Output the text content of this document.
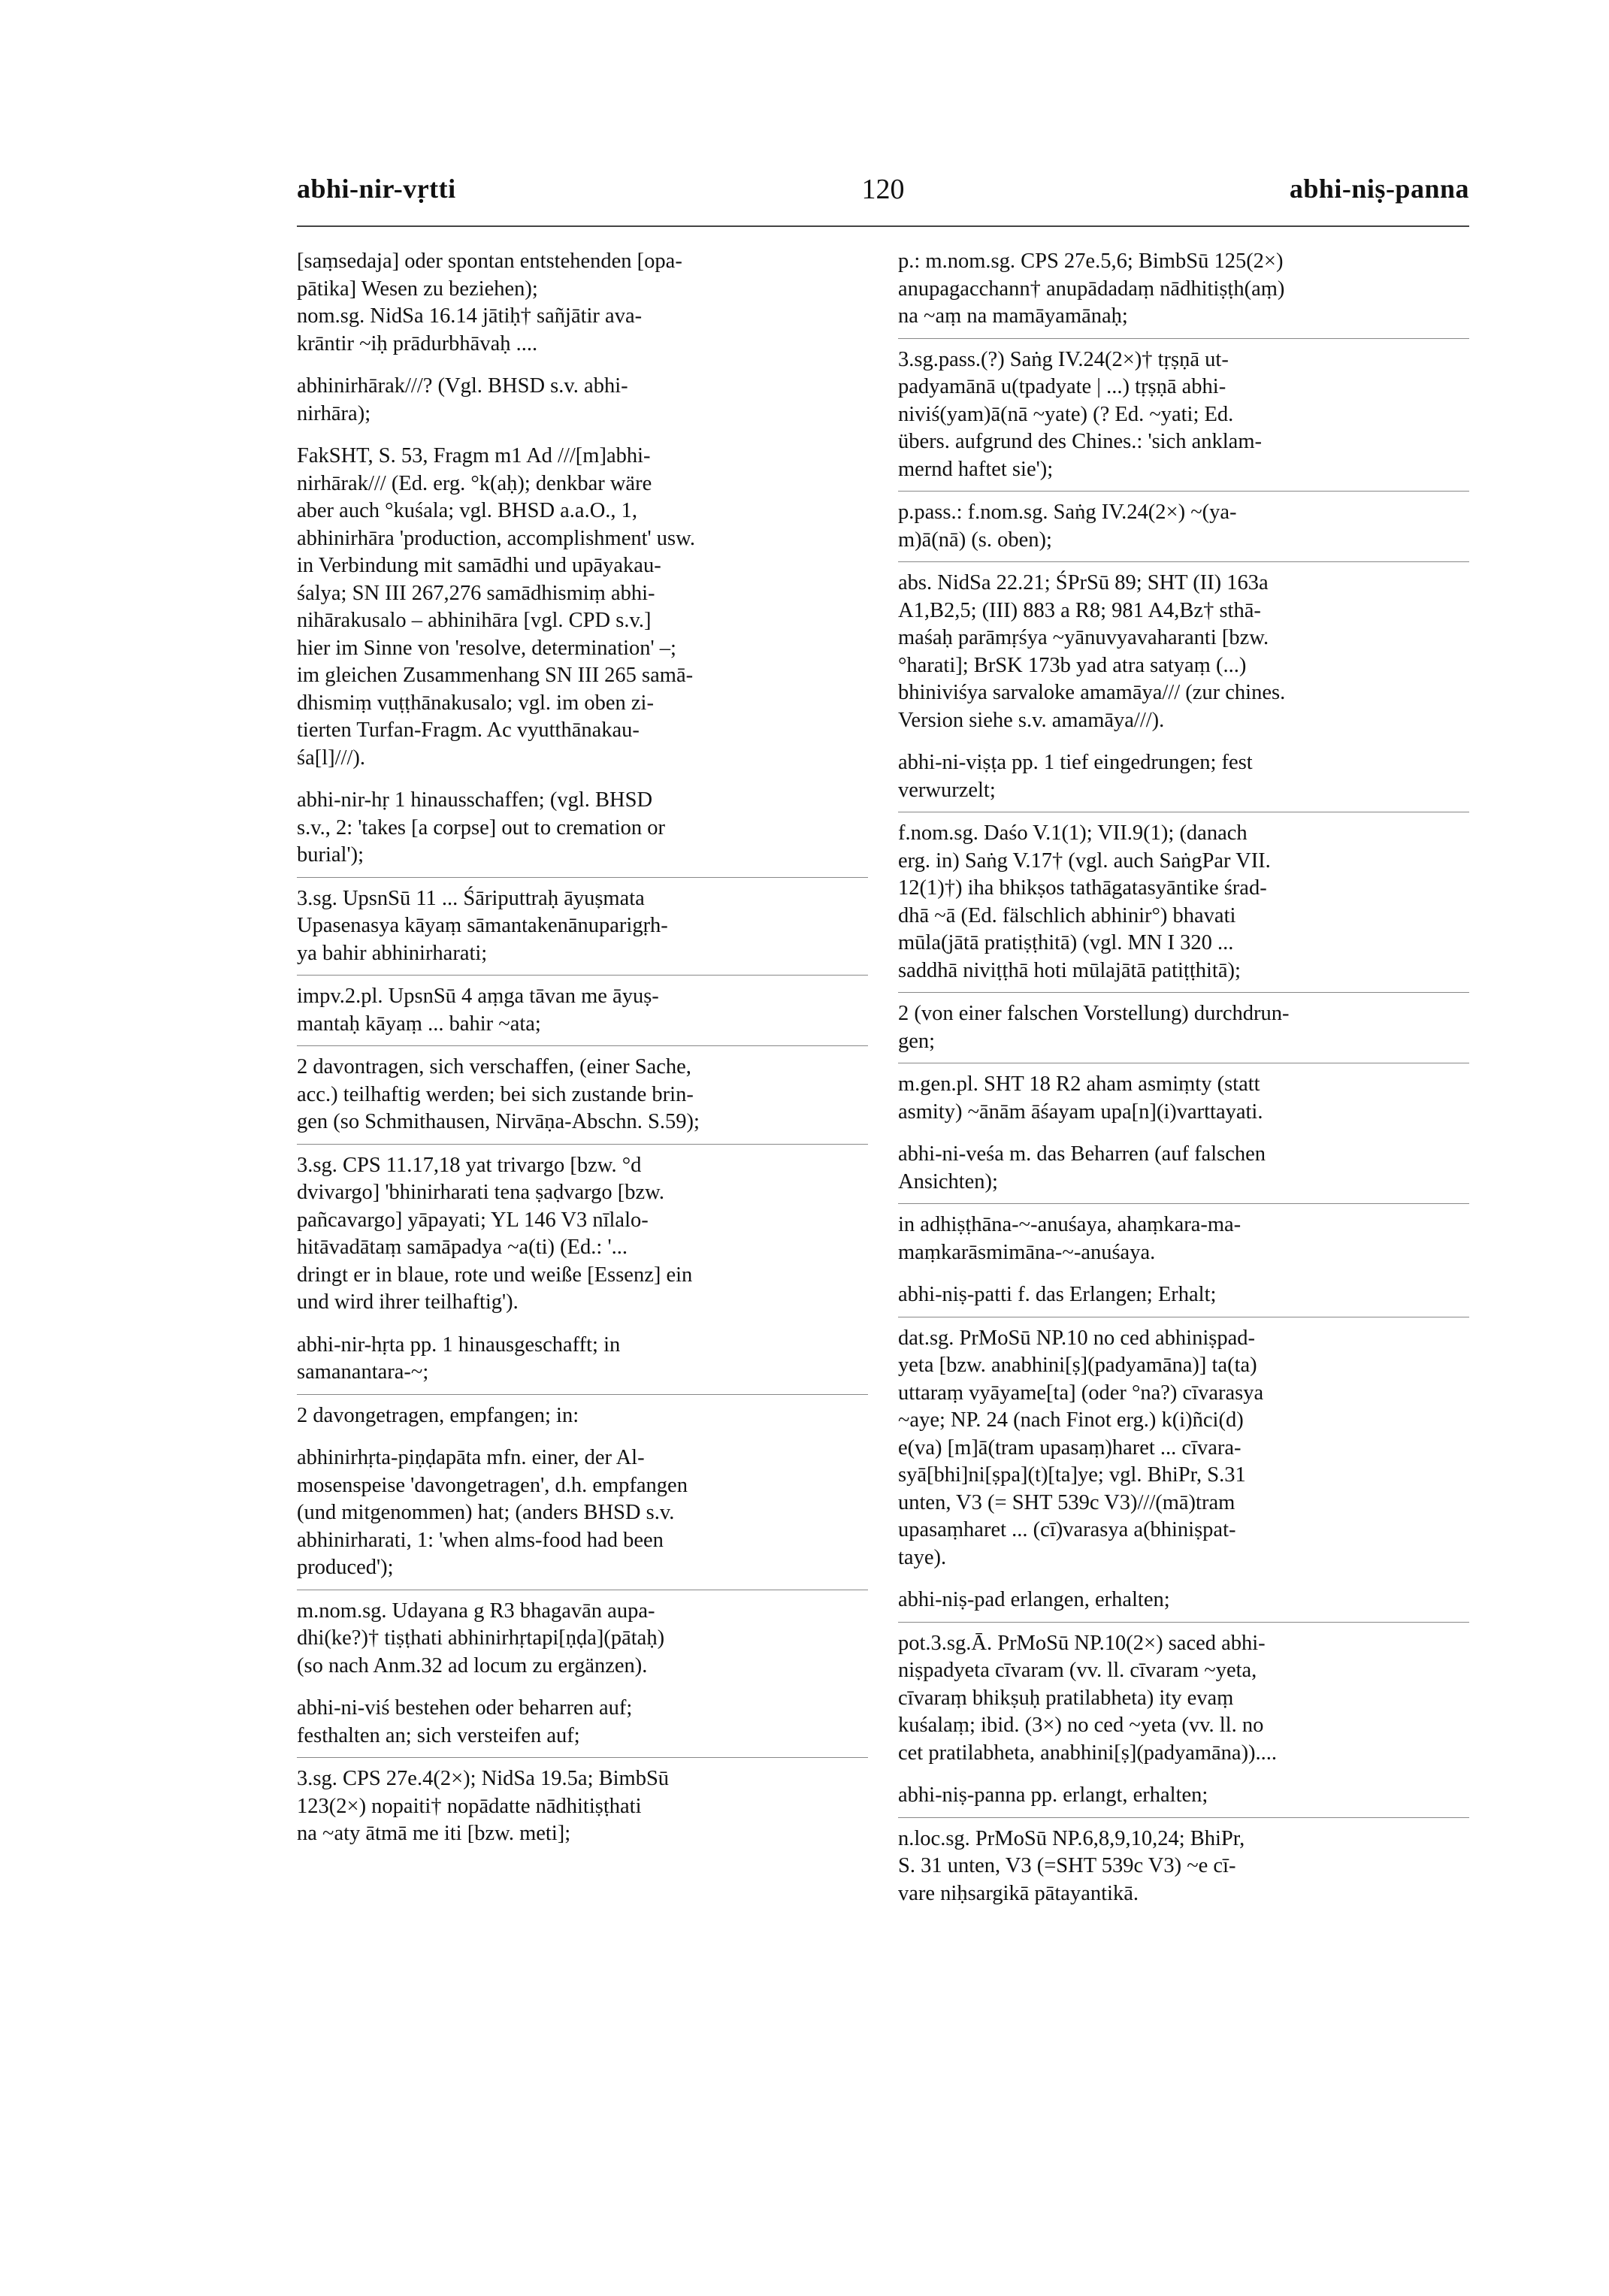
abhi-nir-vṛtti	120	abhi-niṣ-panna
[saṃsedaja] oder spontan entstehenden [opa-
pātika] Wesen zu beziehen);
nom.sg. NidSa 16.14 jātiḥ† sañjātir ava-
krāntir ~iḥ prādurbhāvaḥ ....
abhinirhārak///? (Vgl. BHSD s.v. abhi-
nirhāra);
FakSHT, S. 53, Fragm m1 Ad ///[m]abhi-
nirhārak/// (Ed. erg. °k(aḥ); denkbar wäre
aber auch °kuśala; vgl. BHSD a.a.O., 1,
abhinirhāra 'production, accomplishment' usw.
in Verbindung mit samādhi und upāyakau-
śalya; SN III 267,276 samādhismiṃ abhi-
nihārakusalo – abhinihāra [vgl. CPD s.v.]
hier im Sinne von 'resolve, determination' –;
im gleichen Zusammenhang SN III 265 samā-
dhismiṃ vuṭṭhānakusalo; vgl. im oben zi-
tierten Turfan-Fragm. Ac vyutthānakau-
śa[l]///).
abhi-nir-hṛ 1 hinausschaffen; (vgl. BHSD
s.v., 2: 'takes [a corpse] out to cremation or
burial');
3.sg. UpsnSū 11 ... Śāriputtraḥ āyuṣmata
Upasenasya kāyaṃ sāmantakenānuparigṛh-
ya bahir abhinirharati;
impv.2.pl. UpsnSū 4 aṃga tāvan me āyuṣ-
mantaḥ kāyaṃ ... bahir ~ata;
2 davontragen, sich verschaffen, (einer Sache,
acc.) teilhaftig werden; bei sich zustande brin-
gen (so Schmithausen, Nirvāṇa-Abschn. S.59);
3.sg. CPS 11.17,18 yat trivargo [bzw. °d
dvivargo] 'bhinirharati tena ṣaḍvargo [bzw.
pañcavargo] yāpayati; YL 146 V3 nīlalo-
hitāvadātaṃ samāpadya ~a(ti) (Ed.: '...
dringt er in blaue, rote und weiße [Essenz] ein
und wird ihrer teilhaftig').
abhi-nir-hṛta pp. 1 hinausgeschafft; in
samanantara-~;
2 davongetragen, empfangen; in:
abhinirhṛta-piṇḍapāta mfn. einer, der Al-
mosenspeise 'davongetragen', d.h. empfangen
(und mitgenommen) hat; (anders BHSD s.v.
abhinirharati, 1: 'when alms-food had been
produced');
m.nom.sg. Udayana g R3 bhagavān aupa-
dhi(ke?)† tiṣṭhati abhinirhṛtapi[ṇḍa](pātaḥ)
(so nach Anm.32 ad locum zu ergänzen).
abhi-ni-viś bestehen oder beharren auf;
festhalten an; sich versteifen auf;
3.sg. CPS 27e.4(2×); NidSa 19.5a; BimbSū
123(2×) nopaiti† nopādatte nādhitiṣṭhati
na ~aty ātmā me iti [bzw. meti];
p.: m.nom.sg. CPS 27e.5,6; BimbSū 125(2×)
anupagacchann† anupādadaṃ nādhitiṣṭh(aṃ)
na ~aṃ na mamāyamānaḥ;
3.sg.pass.(?) Saṅg IV.24(2×)† tṛṣṇā ut-
padyamānā u(tpadyate | ...) tṛṣṇā abhi-
niviś(yam)ā(nā ~yate) (? Ed. ~yati; Ed.
übers. aufgrund des Chines.: 'sich anklam-
mernd haftet sie');
p.pass.: f.nom.sg. Saṅg IV.24(2×) ~(ya-
m)ā(nā) (s. oben);
abs. NidSa 22.21; ŚPrSū 89; SHT (II) 163a
A1,B2,5; (III) 883 a R8; 981 A4,Bz† sthā-
maśaḥ parāmṛśya ~yānuvyavaharanti [bzw.
°harati]; BrSK 173b yad atra satyaṃ (...)
bhiniviśya sarvaloke amamāya/// (zur chines.
Version siehe s.v. amamāya///).
abhi-ni-viṣṭa pp. 1 tief eingedrungen; fest
verwurzelt;
f.nom.sg. Daśo V.1(1); VII.9(1); (danach
erg. in) Saṅg V.17† (vgl. auch SaṅgPar VII.
12(1)†) iha bhikṣos tathāgatasyāntike śrad-
dhā ~ā (Ed. fälschlich abhinir°) bhavati
mūla(jātā pratiṣṭhitā) (vgl. MN I 320 ...
saddhā niviṭṭhā hoti mūlajātā patiṭṭhitā);
2 (von einer falschen Vorstellung) durchdrun-
gen;
m.gen.pl. SHT 18 R2 aham asmiṃty (statt
asmity) ~ānām āśayam upa[n](i)varttayati.
abhi-ni-veśa m. das Beharren (auf falschen
Ansichten);
in adhiṣṭhāna-~-anuśaya, ahaṃkara-ma-
maṃkarāsmimāna-~-anuśaya.
abhi-niṣ-patti f. das Erlangen; Erhalt;
dat.sg. PrMoSū NP.10 no ced abhiniṣpad-
yeta [bzw. anabhini[ṣ](padyamāna)] ta(ta)
uttaraṃ vyāyame[ta] (oder °na?) cīvarasya
~aye; NP. 24 (nach Finot erg.) k(i)ñci(d)
e(va) [m]ā(tram upasaṃ)haret ... cīvara-
syā[bhi]ni[ṣpa](t)[ta]ye; vgl. BhiPr, S.31
unten, V3 (= SHT 539c V3)///(mā)tram
upasaṃharet ... (cī)varasya a(bhiniṣpat-
taye).
abhi-niṣ-pad erlangen, erhalten;
pot.3.sg.Ā. PrMoSū NP.10(2×) saced abhi-
niṣpadyeta cīvaram (vv. ll. cīvaram ~yeta,
cīvaraṃ bhikṣuḥ pratilabheta) ity evaṃ
kuśalaṃ; ibid. (3×) no ced ~yeta (vv. ll. no
cet pratilabheta, anabhini[ṣ](padyamāna))....
abhi-niṣ-panna pp. erlangt, erhalten;
n.loc.sg. PrMoSū NP.6,8,9,10,24; BhiPr,
S. 31 unten, V3 (=SHT 539c V3) ~e cī-
vare niḥsargikā pātayantikā.
